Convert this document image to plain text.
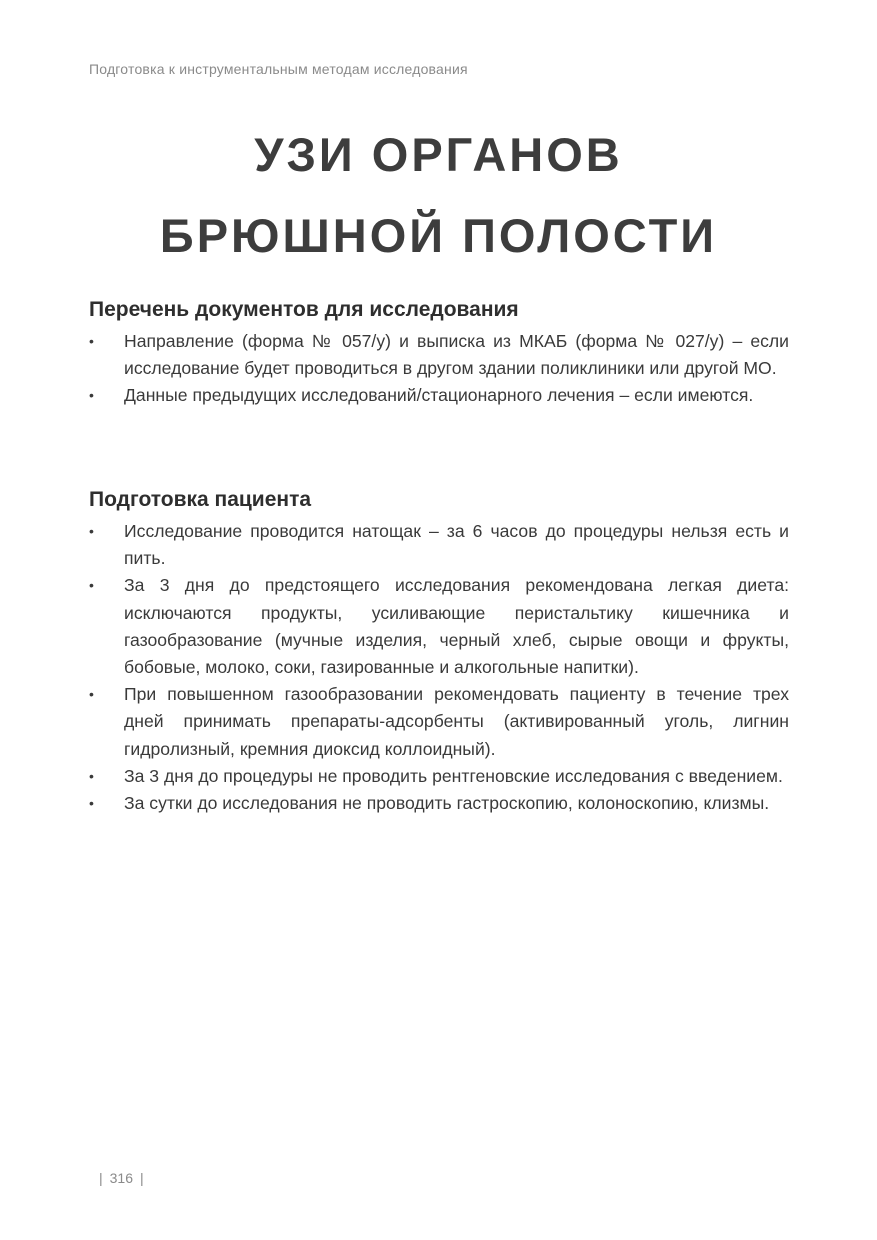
Подготовка к инструментальным методам исследования
УЗИ ОРГАНОВ
БРЮШНОЙ ПОЛОСТИ
Перечень документов для исследования
•	Направление (форма № 057/у) и выписка из МКАБ (форма № 027/у) – если исследование будет проводиться в другом здании поликлиники или другой МО.
•	Данные предыдущих исследований/стационарного лечения – если имеются.
Подготовка пациента
•	Исследование проводится натощак – за 6 часов до процедуры нельзя есть и пить.
•	За 3 дня до предстоящего исследования рекомендована легкая диета: исключаются продукты, усиливающие перистальтику кишечника и газообразование (мучные изделия, черный хлеб, сырые овощи и фрукты, бобовые, молоко, соки, газированные и алкогольные напитки).
•	При повышенном газообразовании рекомендовать пациенту в течение трех дней принимать препараты-адсорбенты (активированный уголь, лигнин гидролизный, кремния диоксид коллоидный).
•	За 3 дня до процедуры не проводить рентгеновские исследования с введением.
•	За сутки до исследования не проводить гастроскопию, колоноскопию, клизмы.
| 316 |
